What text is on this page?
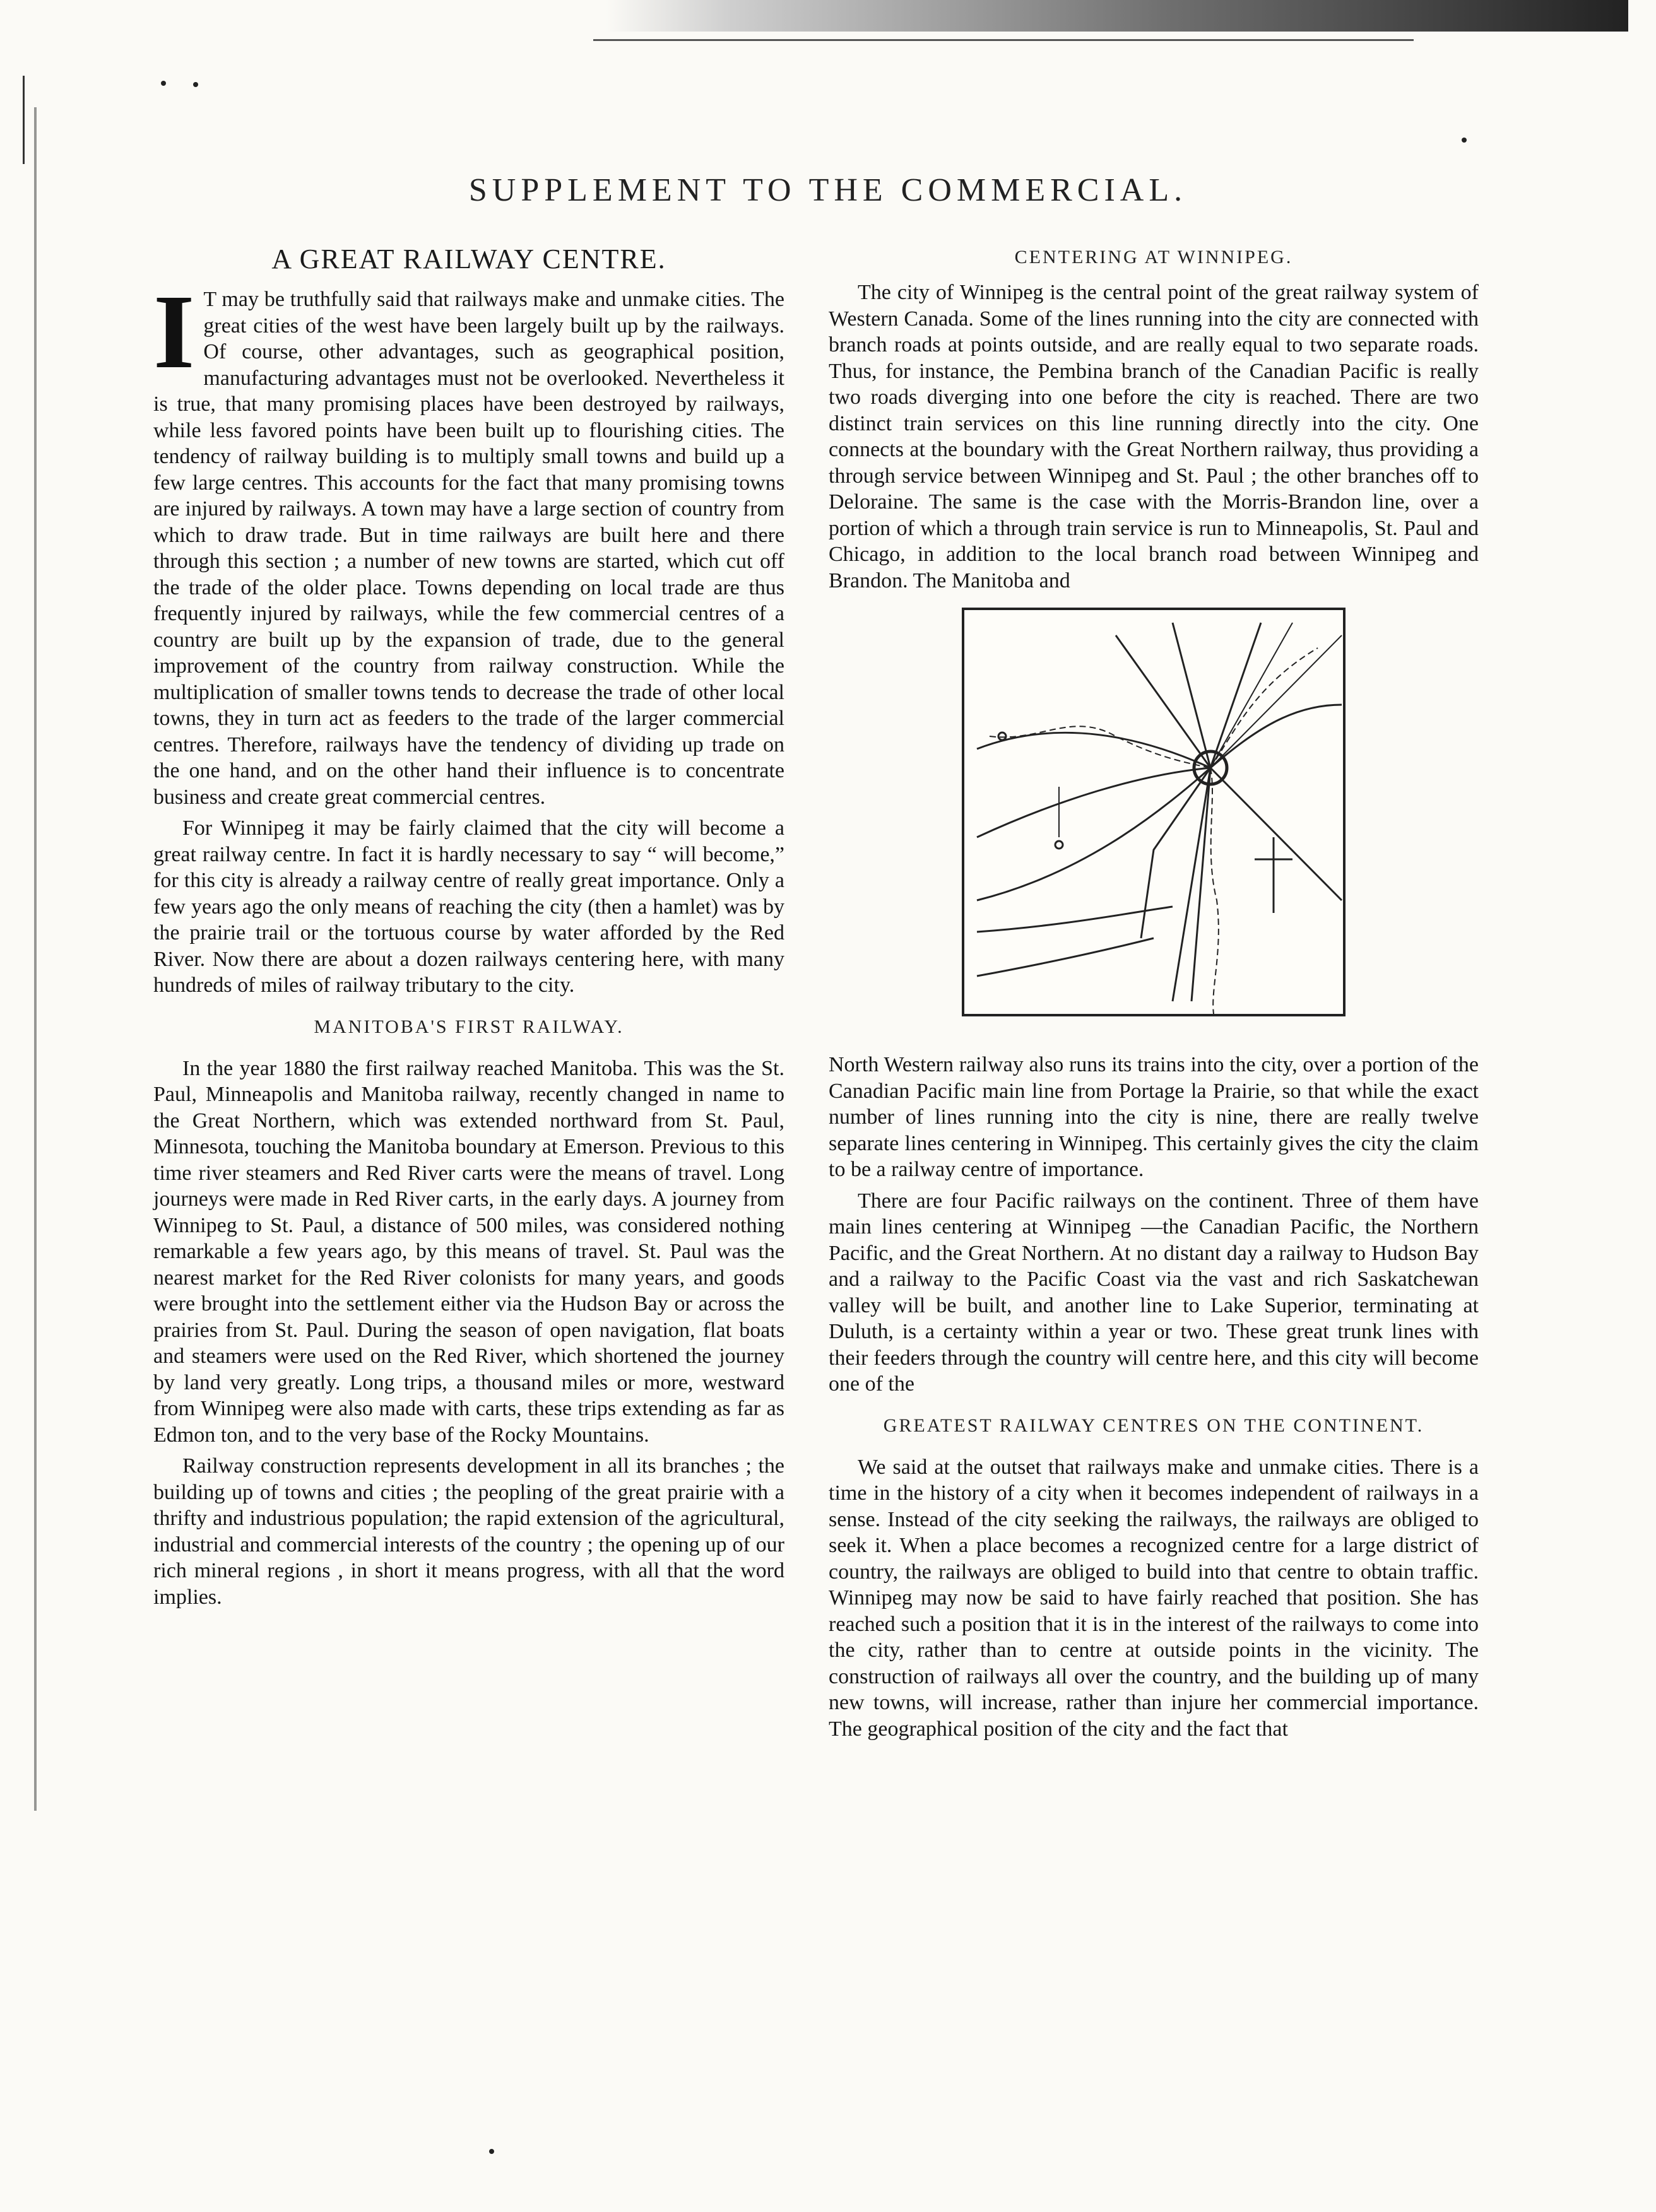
SUPPLEMENT TO THE COMMERCIAL.
A GREAT RAILWAY CENTRE.

I T may be truthfully said that railways make and unmake cities. The great cities of the west have been largely built up by the railways. Of course, other advantages, such as geographical position, manufacturing advantages must not be overlooked. Nevertheless it is true, that many promising places have been destroyed by railways, while less favored points have been built up to flourishing cities. The tendency of railway building is to multiply small towns and build up a few large centres. This accounts for the fact that many promising towns are injured by railways. A town may have a large section of country from which to draw trade. But in time railways are built here and there through this section ; a number of new towns are started, which cut off the trade of the older place. Towns depending on local trade are thus frequently injured by railways, while the few commercial centres of a country are built up by the expansion of trade, due to the general improvement of the country from railway construction. While the multiplication of smaller towns tends to decrease the trade of other local towns, they in turn act as feeders to the trade of the larger commercial centres. Therefore, railways have the tendency of dividing up trade on the one hand, and on the other hand their influence is to concentrate business and create great commercial centres.

For Winnipeg it may be fairly claimed that the city will become a great railway centre. In fact it is hardly necessary to say “ will become,” for this city is already a railway centre of really great importance. Only a few years ago the only means of reaching the city (then a hamlet) was by the prairie trail or the tortuous course by water afforded by the Red River. Now there are about a dozen railways centering here, with many hundreds of miles of railway tributary to the city.

MANITOBA'S FIRST RAILWAY.

In the year 1880 the first railway reached Manitoba. This was the St. Paul, Minneapolis and Manitoba railway, recently changed in name to the Great Northern, which was extended northward from St. Paul, Minnesota, touching the Manitoba boundary at Emerson. Previous to this time river steamers and Red River carts were the means of travel. Long journeys were made in Red River carts, in the early days. A journey from Winnipeg to St. Paul, a distance of 500 miles, was considered nothing remarkable a few years ago, by this means of travel. St. Paul was the nearest market for the Red River colonists for many years, and goods were brought into the settlement either via the Hudson Bay or across the prairies from St. Paul. During the season of open navigation, flat boats and steamers were used on the Red River, which shortened the journey by land very greatly. Long trips, a thousand miles or more, westward from Winnipeg were also made with carts, these trips extending as far as Edmon ton, and to the very base of the Rocky Mountains.

Railway construction represents development in all its branches ; the building up of towns and cities ; the peopling of the great prairie with a thrifty and industrious population; the rapid extension of the agricultural, industrial and commercial interests of the country ; the opening up of our rich mineral regions , in short it means progress, with all that the word implies.

CENTERING AT WINNIPEG.

The city of Winnipeg is the central point of the great railway system of Western Canada. Some of the lines running into the city are connected with branch roads at points outside, and are really equal to two separate roads. Thus, for instance, the Pembina branch of the Canadian Pacific is really two roads diverging into one before the city is reached. There are two distinct train services on this line running directly into the city. One connects at the boundary with the Great Northern railway, thus providing a through service between Winnipeg and St. Paul ; the other branches off to Deloraine. The same is the case with the Morris-Brandon line, over a portion of which a through train service is run to Minneapolis, St. Paul and Chicago, in addition to the local branch road between Winnipeg and Brandon. The Manitoba and

North Western railway also runs its trains into the city, over a portion of the Canadian Pacific main line from Portage la Prairie, so that while the exact number of lines running into the city is nine, there are really twelve separate lines centering in Winnipeg. This certainly gives the city the claim to be a railway centre of importance.

There are four Pacific railways on the continent. Three of them have main lines centering at Winnipeg —the Canadian Pacific, the Northern Pacific, and the Great Northern. At no distant day a railway to Hudson Bay and a railway to the Pacific Coast via the vast and rich Saskatchewan valley will be built, and another line to Lake Superior, terminating at Duluth, is a certainty within a year or two. These great trunk lines with their feeders through the country will centre here, and this city will become one of the

GREATEST RAILWAY CENTRES ON THE CONTINENT.

We said at the outset that railways make and unmake cities. There is a time in the history of a city when it becomes independent of railways in a sense. Instead of the city seeking the railways, the railways are obliged to seek it. When a place becomes a recognized centre for a large district of country, the railways are obliged to build into that centre to obtain traffic. Winnipeg may now be said to have fairly reached that position. She has reached such a position that it is in the interest of the railways to come into the city, rather than to centre at outside points in the vicinity. The construction of railways all over the country, and the building up of many new towns, will increase, rather than injure her commercial importance. The geographical position of the city and the fact that
